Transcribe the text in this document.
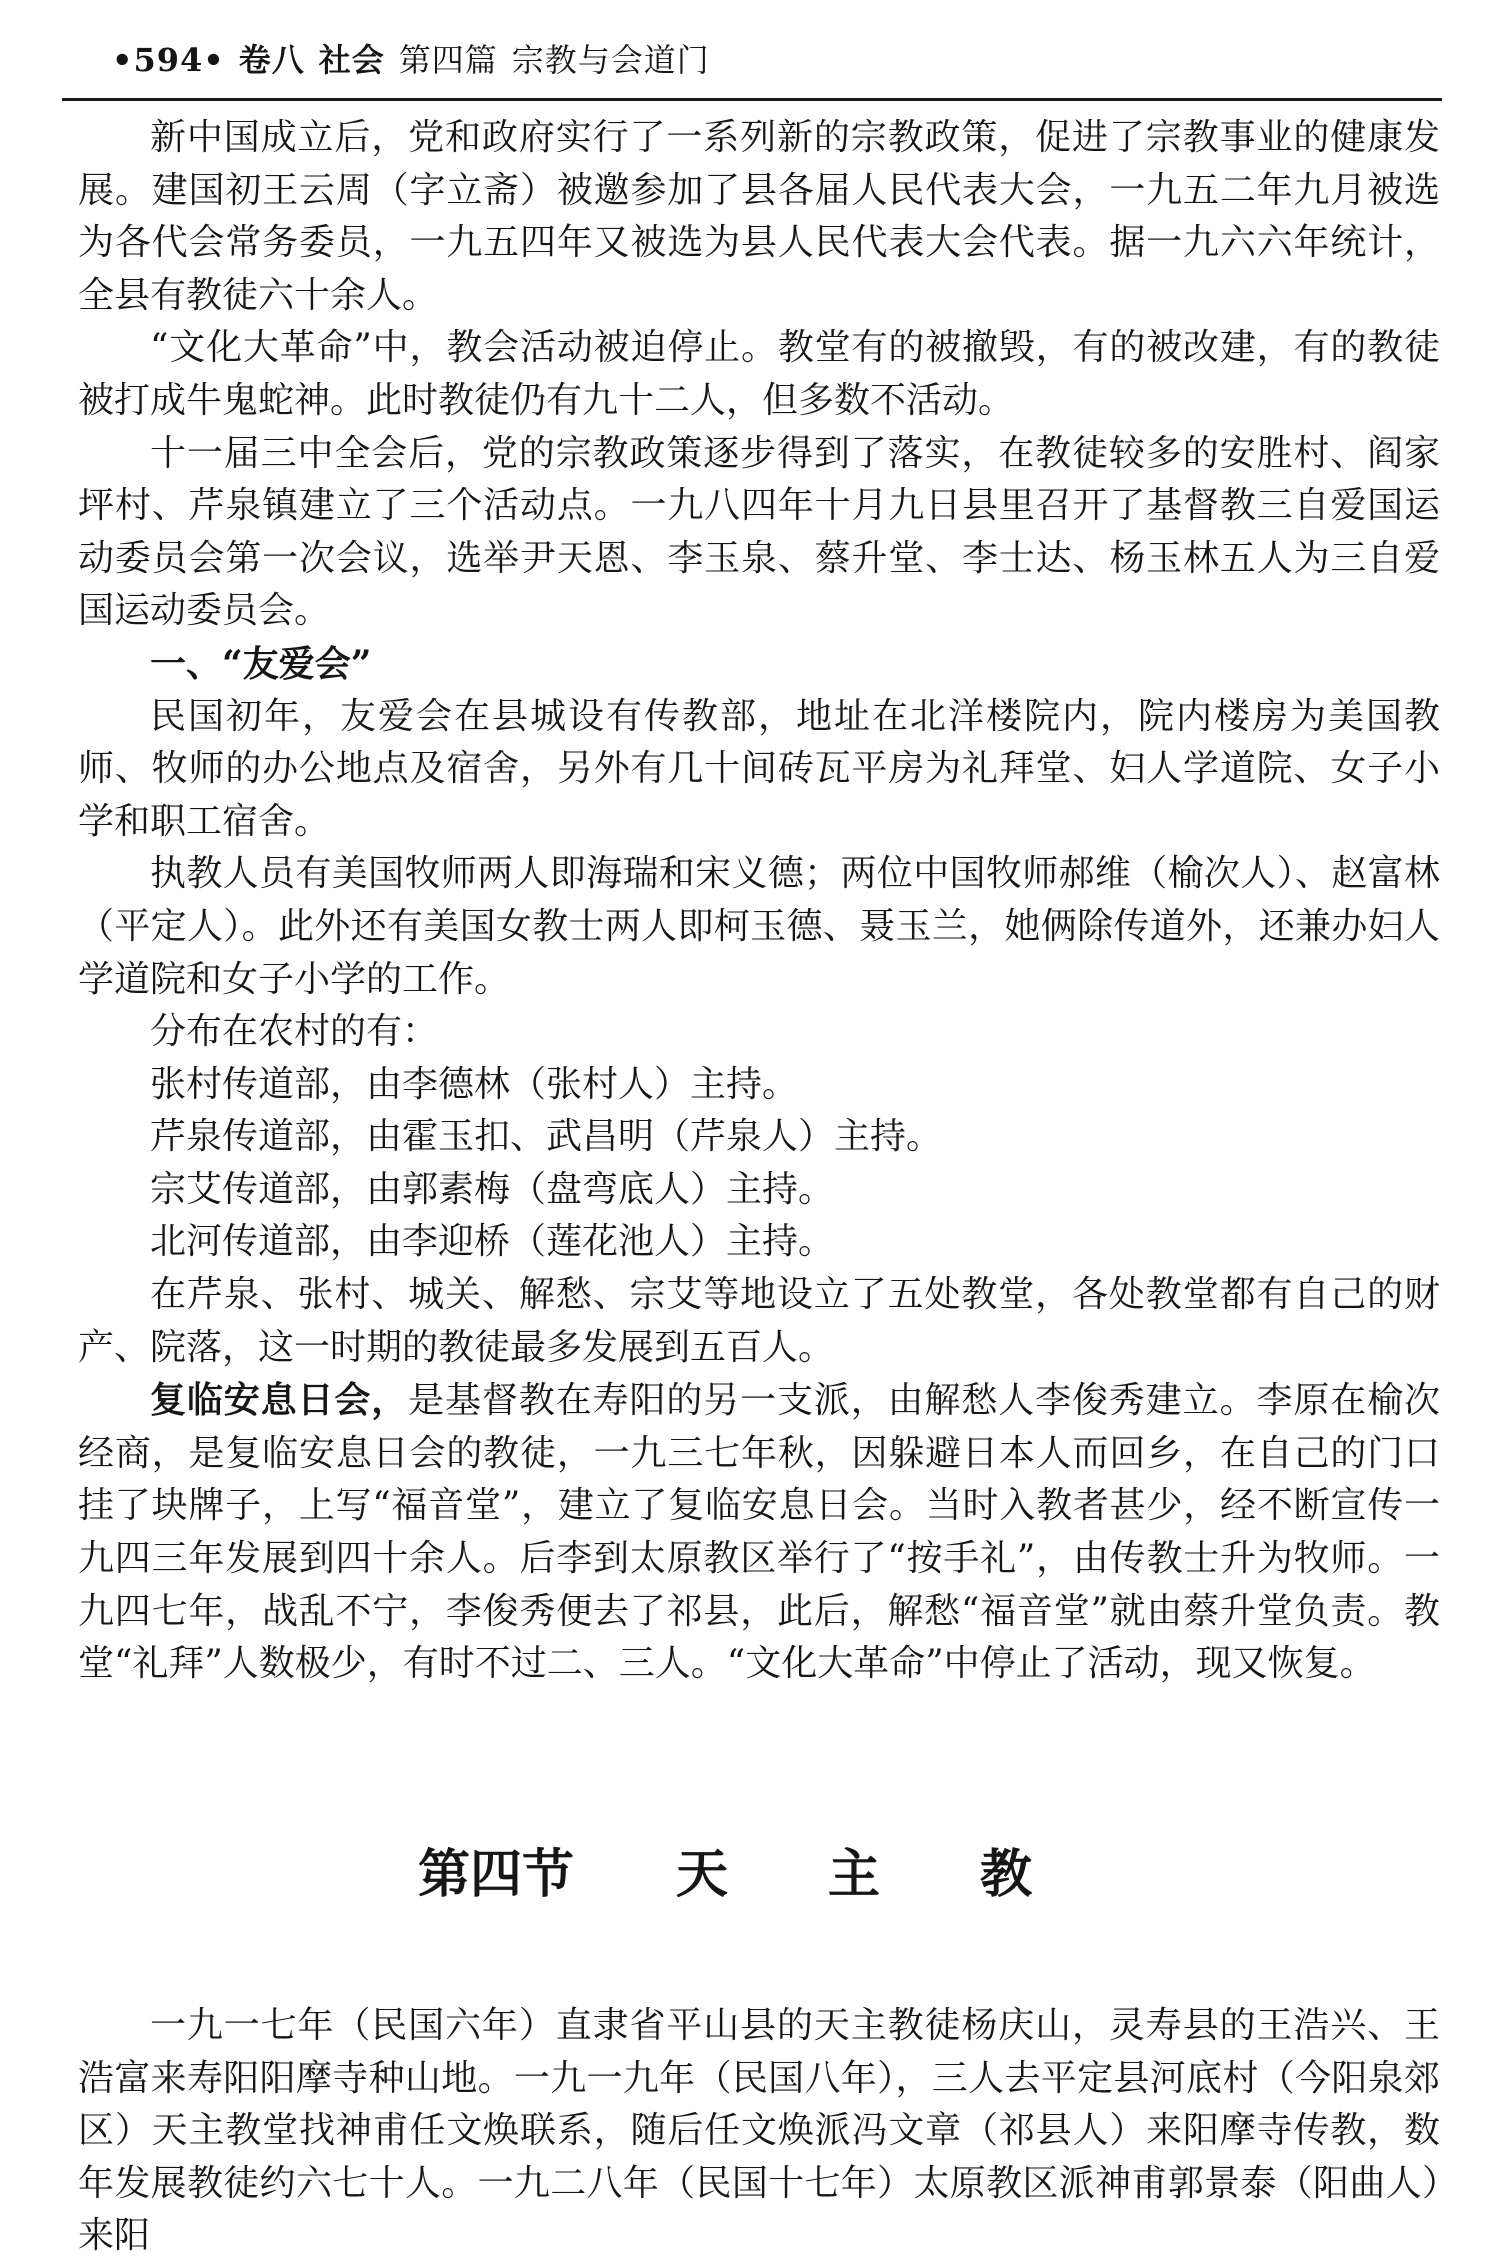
•594• 卷八 社会 第四篇 宗教与会道门

新中国成立后，党和政府实行了一系列新的宗教政策，促进了宗教事业的健康发展。建国初王云周（字立斋）被邀参加了县各届人民代表大会，一九五二年九月被选为各代会常务委员，一九五四年又被选为县人民代表大会代表。据一九六六年统计，全县有教徒六十余人。

“文化大革命”中，教会活动被迫停止。教堂有的被撤毁，有的被改建，有的教徒被打成牛鬼蛇神。此时教徒仍有九十二人，但多数不活动。

十一届三中全会后，党的宗教政策逐步得到了落实，在教徒较多的安胜村、阎家坪村、芹泉镇建立了三个活动点。一九八四年十月九日县里召开了基督教三自爱国运动委员会第一次会议，选举尹天恩、李玉泉、蔡升堂、李士达、杨玉林五人为三自爱国运动委员会。

一、“友爱会”

民国初年，友爱会在县城设有传教部，地址在北洋楼院内，院内楼房为美国教师、牧师的办公地点及宿舍，另外有几十间砖瓦平房为礼拜堂、妇人学道院、女子小学和职工宿舍。

执教人员有美国牧师两人即海瑞和宋义德；两位中国牧师郝维（榆次人）、赵富林（平定人）。此外还有美国女教士两人即柯玉德、聂玉兰，她俩除传道外，还兼办妇人学道院和女子小学的工作。

分布在农村的有：

张村传道部，由李德林（张村人）主持。

芹泉传道部，由霍玉扣、武昌明（芹泉人）主持。

宗艾传道部，由郭素梅（盘弯底人）主持。

北河传道部，由李迎桥（莲花池人）主持。

在芹泉、张村、城关、解愁、宗艾等地设立了五处教堂，各处教堂都有自己的财产、院落，这一时期的教徒最多发展到五百人。

复临安息日会，是基督教在寿阳的另一支派，由解愁人李俊秀建立。李原在榆次经商，是复临安息日会的教徒，一九三七年秋，因躲避日本人而回乡，在自己的门口挂了块牌子，上写“福音堂”，建立了复临安息日会。当时入教者甚少，经不断宣传一九四三年发展到四十余人。后李到太原教区举行了“按手礼”，由传教士升为牧师。一九四七年，战乱不宁，李俊秀便去了祁县，此后，解愁“福音堂”就由蔡升堂负责。教堂“礼拜”人数极少，有时不过二、三人。“文化大革命”中停止了活动，现又恢复。

第四节 天 主 教

一九一七年（民国六年）直隶省平山县的天主教徒杨庆山，灵寿县的王浩兴、王浩富来寿阳阳摩寺种山地。一九一九年（民国八年），三人去平定县河底村（今阳泉郊区）天主教堂找神甫任文焕联系，随后任文焕派冯文章（祁县人）来阳摩寺传教，数年发展教徒约六七十人。一九二八年（民国十七年）太原教区派神甫郭景泰（阳曲人）来阳
